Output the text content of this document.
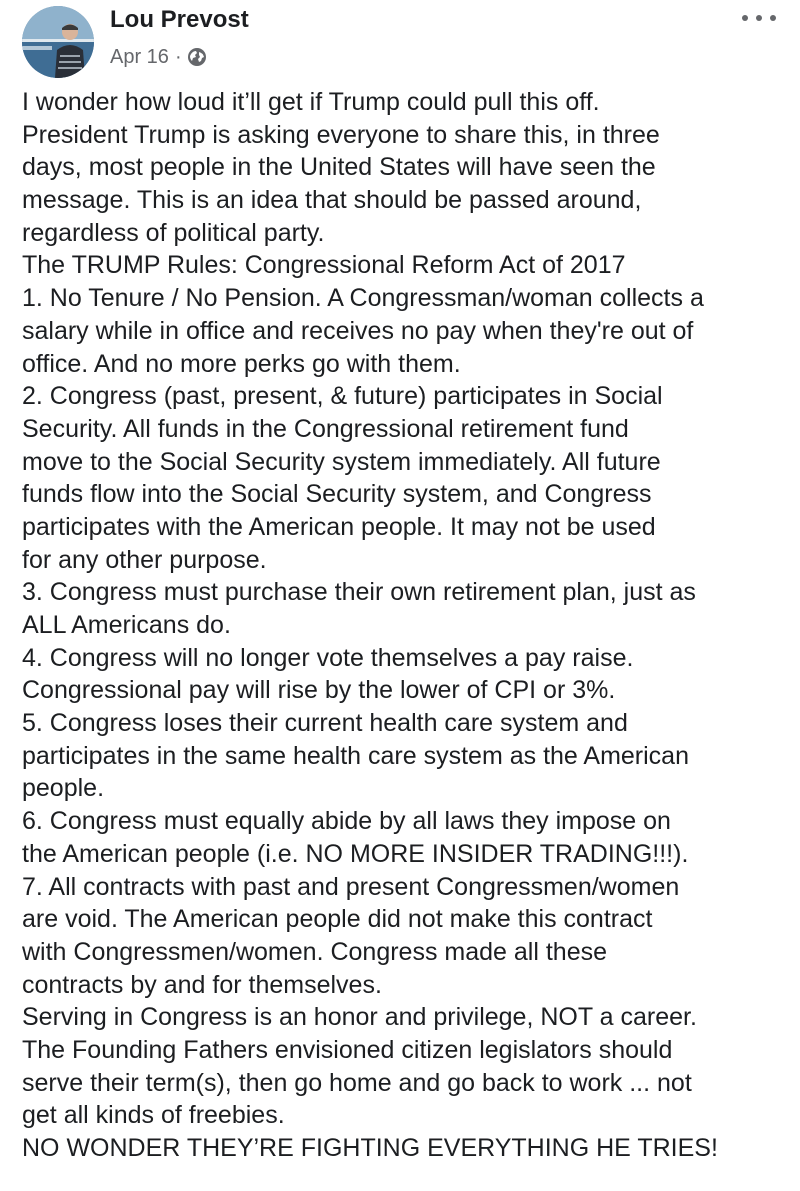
Lou Prevost
Apr 16 ·
I wonder how loud it’ll get if Trump could pull this off.
President Trump is asking everyone to share this, in three
days, most people in the United States will have seen the
message. This is an idea that should be passed around,
regardless of political party.
The TRUMP Rules: Congressional Reform Act of 2017
1. No Tenure / No Pension. A Congressman/woman collects a
salary while in office and receives no pay when they're out of
office. And no more perks go with them.
2. Congress (past, present, & future) participates in Social
Security. All funds in the Congressional retirement fund
move to the Social Security system immediately. All future
funds flow into the Social Security system, and Congress
participates with the American people. It may not be used
for any other purpose.
3. Congress must purchase their own retirement plan, just as
ALL Americans do.
4. Congress will no longer vote themselves a pay raise.
Congressional pay will rise by the lower of CPI or 3%.
5. Congress loses their current health care system and
participates in the same health care system as the American
people.
6. Congress must equally abide by all laws they impose on
the American people (i.e. NO MORE INSIDER TRADING!!!).
7. All contracts with past and present Congressmen/women
are void. The American people did not make this contract
with Congressmen/women. Congress made all these
contracts by and for themselves.
Serving in Congress is an honor and privilege, NOT a career.
The Founding Fathers envisioned citizen legislators should
serve their term(s), then go home and go back to work ... not
get all kinds of freebies.
NO WONDER THEY’RE FIGHTING EVERYTHING HE TRIES!
